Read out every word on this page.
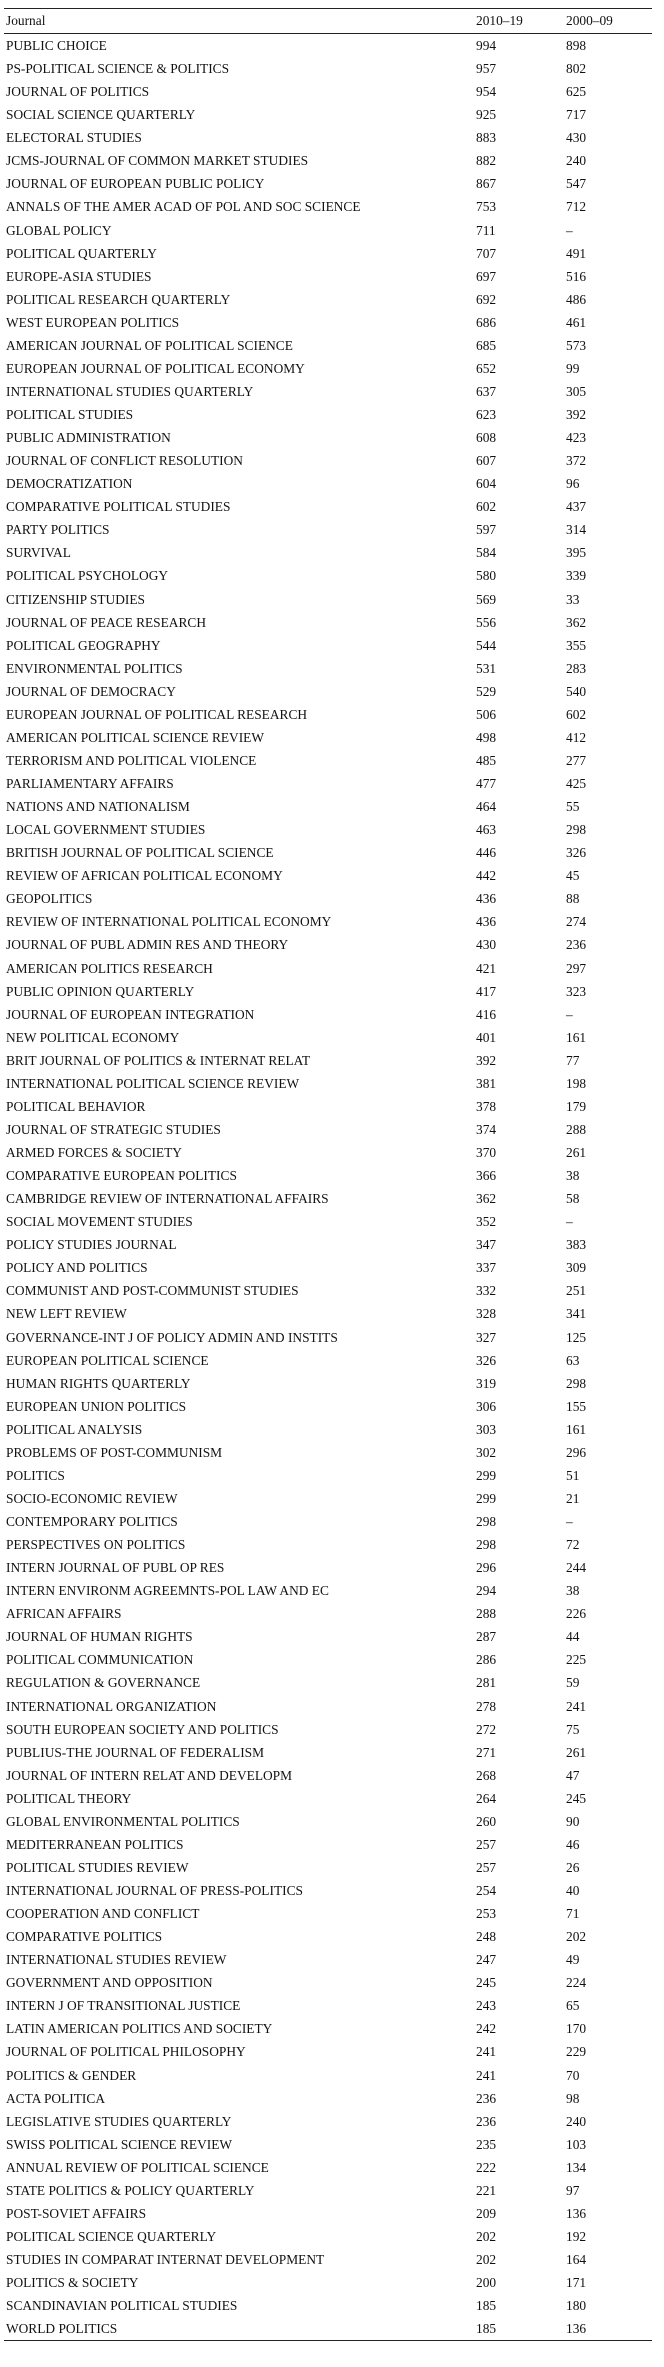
Journal	2010–19	2000–09
PUBLIC CHOICE	994	898
PS-POLITICAL SCIENCE & POLITICS	957	802
JOURNAL OF POLITICS	954	625
SOCIAL SCIENCE QUARTERLY	925	717
ELECTORAL STUDIES	883	430
JCMS-JOURNAL OF COMMON MARKET STUDIES	882	240
JOURNAL OF EUROPEAN PUBLIC POLICY	867	547
ANNALS OF THE AMER ACAD OF POL AND SOC SCIENCE	753	712
GLOBAL POLICY	711	–
POLITICAL QUARTERLY	707	491
EUROPE-ASIA STUDIES	697	516
POLITICAL RESEARCH QUARTERLY	692	486
WEST EUROPEAN POLITICS	686	461
AMERICAN JOURNAL OF POLITICAL SCIENCE	685	573
EUROPEAN JOURNAL OF POLITICAL ECONOMY	652	99
INTERNATIONAL STUDIES QUARTERLY	637	305
POLITICAL STUDIES	623	392
PUBLIC ADMINISTRATION	608	423
JOURNAL OF CONFLICT RESOLUTION	607	372
DEMOCRATIZATION	604	96
COMPARATIVE POLITICAL STUDIES	602	437
PARTY POLITICS	597	314
SURVIVAL	584	395
POLITICAL PSYCHOLOGY	580	339
CITIZENSHIP STUDIES	569	33
JOURNAL OF PEACE RESEARCH	556	362
POLITICAL GEOGRAPHY	544	355
ENVIRONMENTAL POLITICS	531	283
JOURNAL OF DEMOCRACY	529	540
EUROPEAN JOURNAL OF POLITICAL RESEARCH	506	602
AMERICAN POLITICAL SCIENCE REVIEW	498	412
TERRORISM AND POLITICAL VIOLENCE	485	277
PARLIAMENTARY AFFAIRS	477	425
NATIONS AND NATIONALISM	464	55
LOCAL GOVERNMENT STUDIES	463	298
BRITISH JOURNAL OF POLITICAL SCIENCE	446	326
REVIEW OF AFRICAN POLITICAL ECONOMY	442	45
GEOPOLITICS	436	88
REVIEW OF INTERNATIONAL POLITICAL ECONOMY	436	274
JOURNAL OF PUBL ADMIN RES AND THEORY	430	236
AMERICAN POLITICS RESEARCH	421	297
PUBLIC OPINION QUARTERLY	417	323
JOURNAL OF EUROPEAN INTEGRATION	416	–
NEW POLITICAL ECONOMY	401	161
BRIT JOURNAL OF POLITICS & INTERNAT RELAT	392	77
INTERNATIONAL POLITICAL SCIENCE REVIEW	381	198
POLITICAL BEHAVIOR	378	179
JOURNAL OF STRATEGIC STUDIES	374	288
ARMED FORCES & SOCIETY	370	261
COMPARATIVE EUROPEAN POLITICS	366	38
CAMBRIDGE REVIEW OF INTERNATIONAL AFFAIRS	362	58
SOCIAL MOVEMENT STUDIES	352	–
POLICY STUDIES JOURNAL	347	383
POLICY AND POLITICS	337	309
COMMUNIST AND POST-COMMUNIST STUDIES	332	251
NEW LEFT REVIEW	328	341
GOVERNANCE-INT J OF POLICY ADMIN AND INSTITS	327	125
EUROPEAN POLITICAL SCIENCE	326	63
HUMAN RIGHTS QUARTERLY	319	298
EUROPEAN UNION POLITICS	306	155
POLITICAL ANALYSIS	303	161
PROBLEMS OF POST-COMMUNISM	302	296
POLITICS	299	51
SOCIO-ECONOMIC REVIEW	299	21
CONTEMPORARY POLITICS	298	–
PERSPECTIVES ON POLITICS	298	72
INTERN JOURNAL OF PUBL OP RES	296	244
INTERN ENVIRONM AGREEMNTS-POL LAW AND EC	294	38
AFRICAN AFFAIRS	288	226
JOURNAL OF HUMAN RIGHTS	287	44
POLITICAL COMMUNICATION	286	225
REGULATION & GOVERNANCE	281	59
INTERNATIONAL ORGANIZATION	278	241
SOUTH EUROPEAN SOCIETY AND POLITICS	272	75
PUBLIUS-THE JOURNAL OF FEDERALISM	271	261
JOURNAL OF INTERN RELAT AND DEVELOPM	268	47
POLITICAL THEORY	264	245
GLOBAL ENVIRONMENTAL POLITICS	260	90
MEDITERRANEAN POLITICS	257	46
POLITICAL STUDIES REVIEW	257	26
INTERNATIONAL JOURNAL OF PRESS-POLITICS	254	40
COOPERATION AND CONFLICT	253	71
COMPARATIVE POLITICS	248	202
INTERNATIONAL STUDIES REVIEW	247	49
GOVERNMENT AND OPPOSITION	245	224
INTERN J OF TRANSITIONAL JUSTICE	243	65
LATIN AMERICAN POLITICS AND SOCIETY	242	170
JOURNAL OF POLITICAL PHILOSOPHY	241	229
POLITICS & GENDER	241	70
ACTA POLITICA	236	98
LEGISLATIVE STUDIES QUARTERLY	236	240
SWISS POLITICAL SCIENCE REVIEW	235	103
ANNUAL REVIEW OF POLITICAL SCIENCE	222	134
STATE POLITICS & POLICY QUARTERLY	221	97
POST-SOVIET AFFAIRS	209	136
POLITICAL SCIENCE QUARTERLY	202	192
STUDIES IN COMPARAT INTERNAT DEVELOPMENT	202	164
POLITICS & SOCIETY	200	171
SCANDINAVIAN POLITICAL STUDIES	185	180
WORLD POLITICS	185	136
